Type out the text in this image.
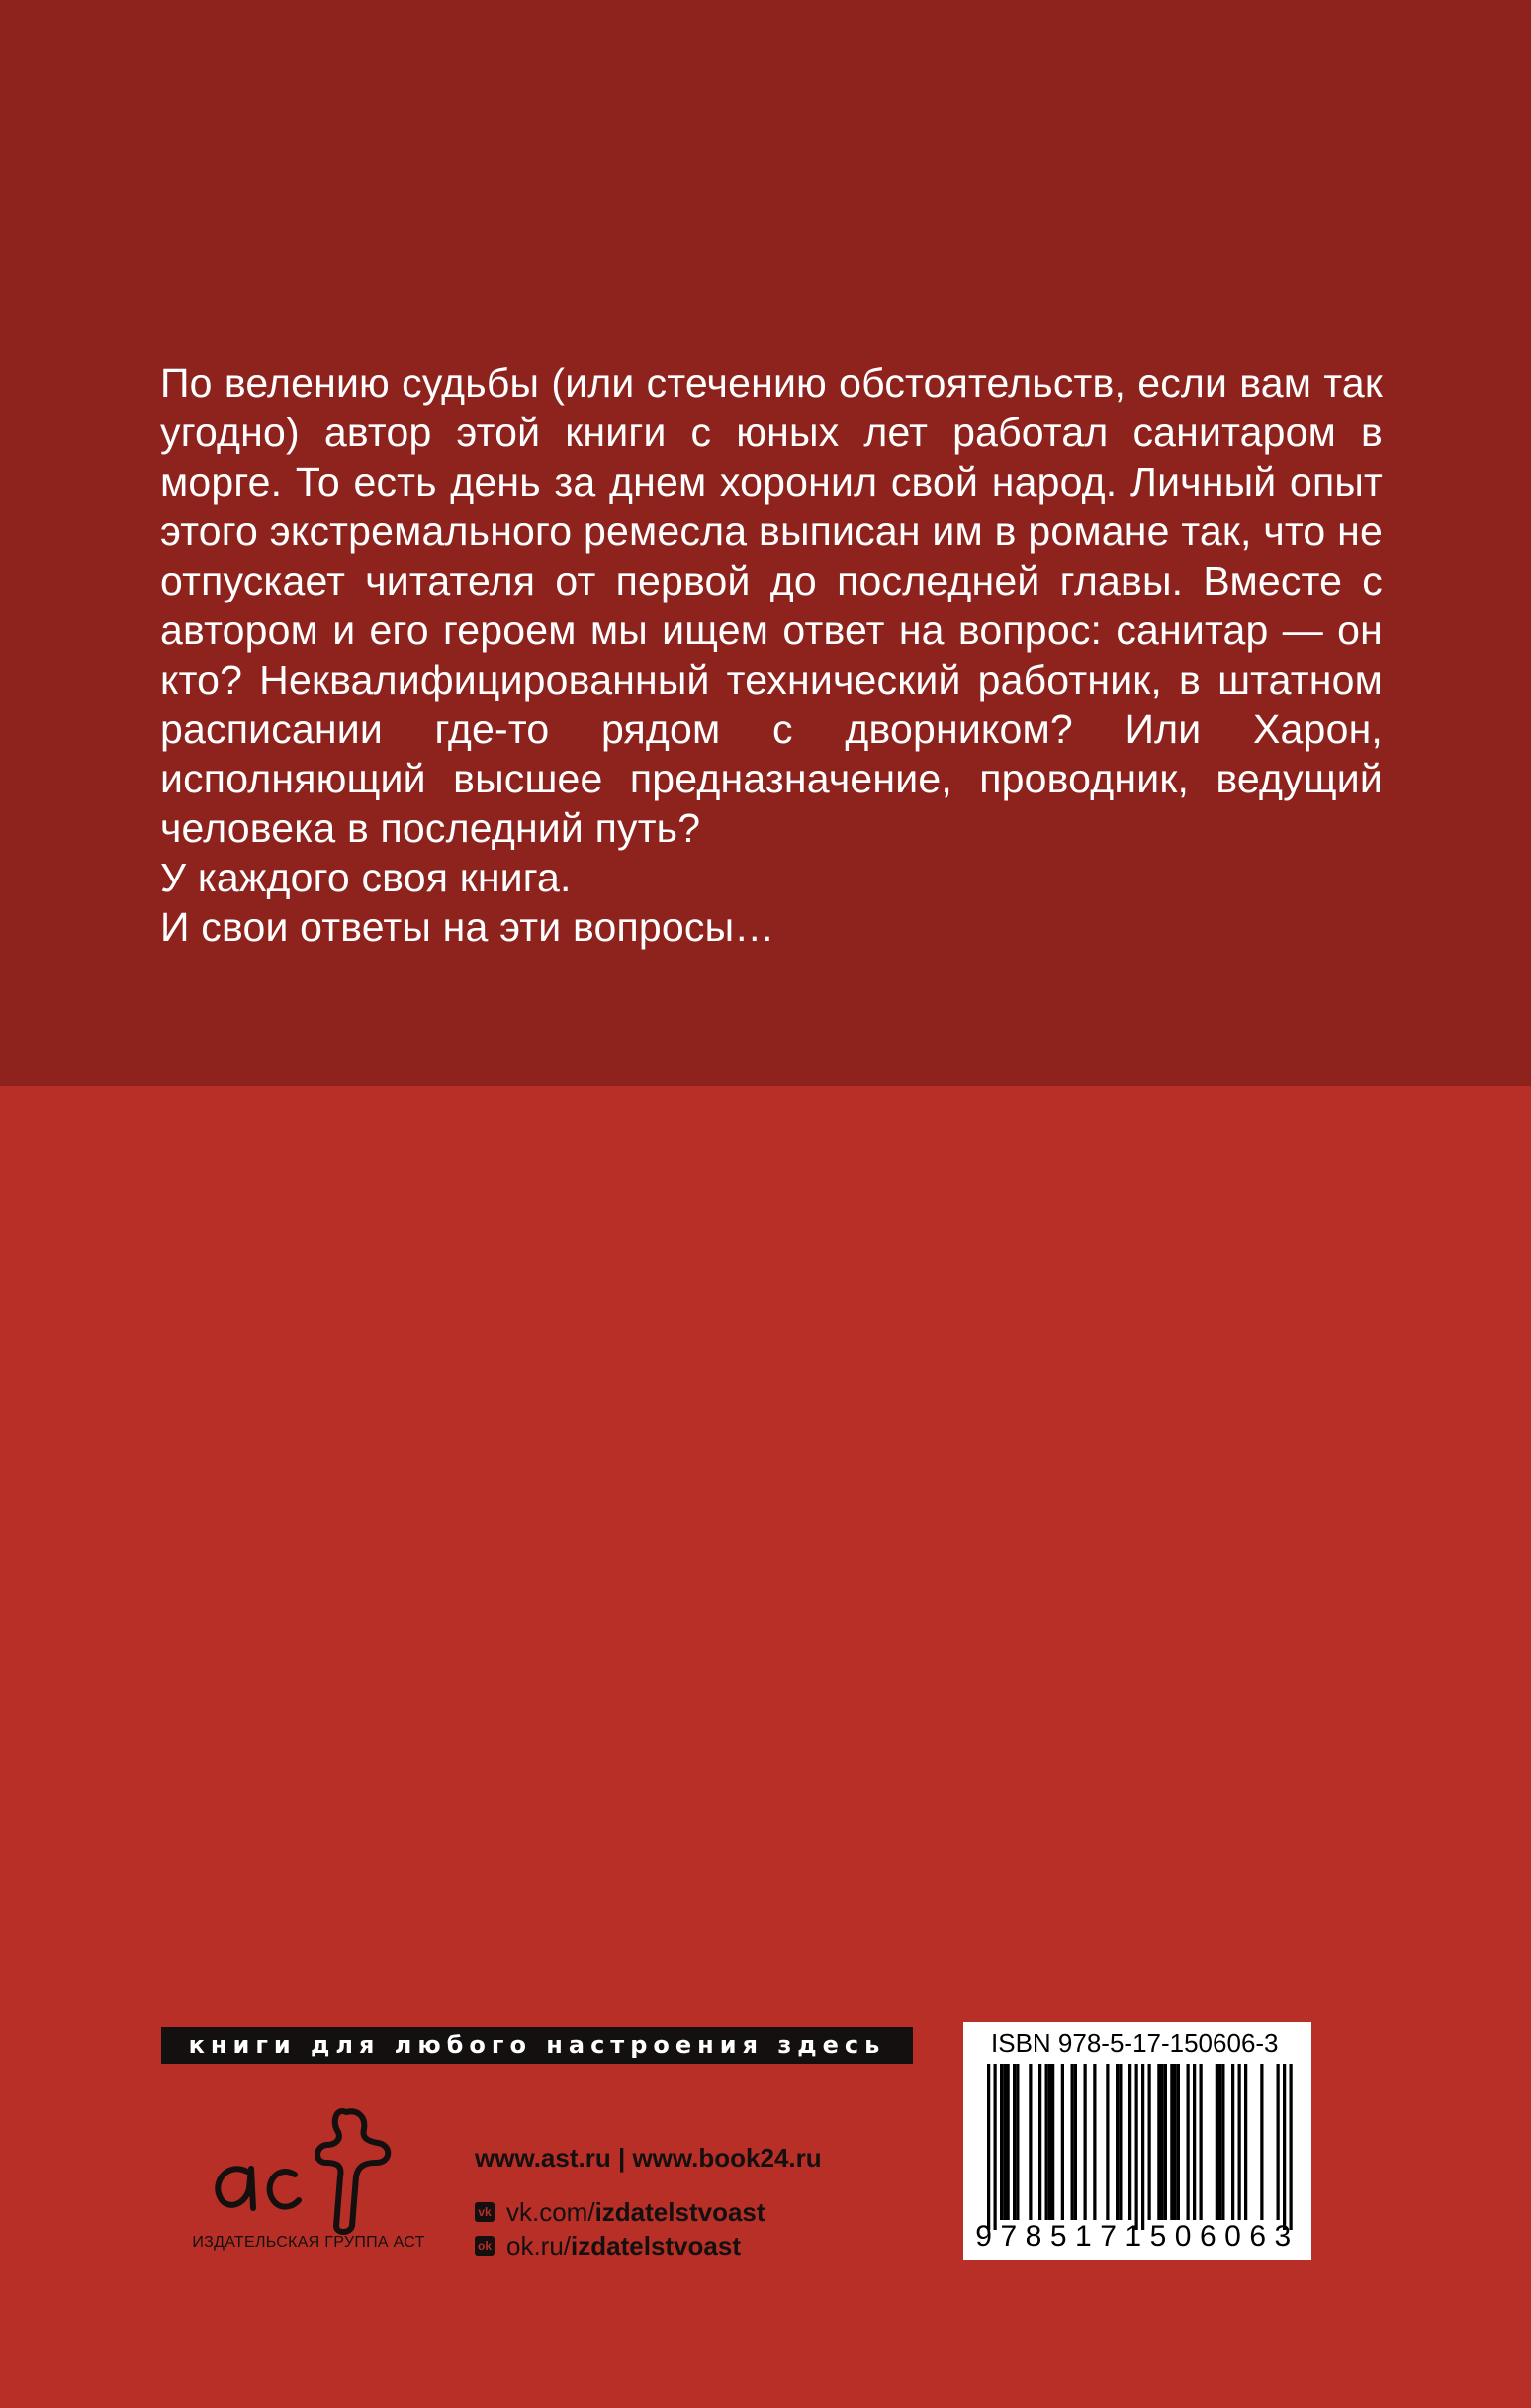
По велению судьбы (или стечению обстоятельств, если вам так угодно) автор этой книги с юных лет работал санитаром в морге. То есть день за днем хоронил свой народ. Личный опыт этого экстремального ремесла выписан им в романе так, что не отпускает читателя от первой до последней главы. Вместе с автором и его героем мы ищем ответ на вопрос: санитар — он кто? Неквалифицированный технический работник, в штатном расписании где-то рядом с дворником? Или Харон, исполняющий высшее предназначение, проводник, ведущий человека в последний путь?

У каждого своя книга.

И свои ответы на эти вопросы…

книги для любого настроения здесь
ИЗДАТЕЛЬСКАЯ ГРУППА АСТ
www.ast.ru | www.book24.ru
vk vk.com/ izdatelstvoast
ok ok.ru/ izdatelstvoast
ISBN 978-5-17-150606-3
9785171506063
